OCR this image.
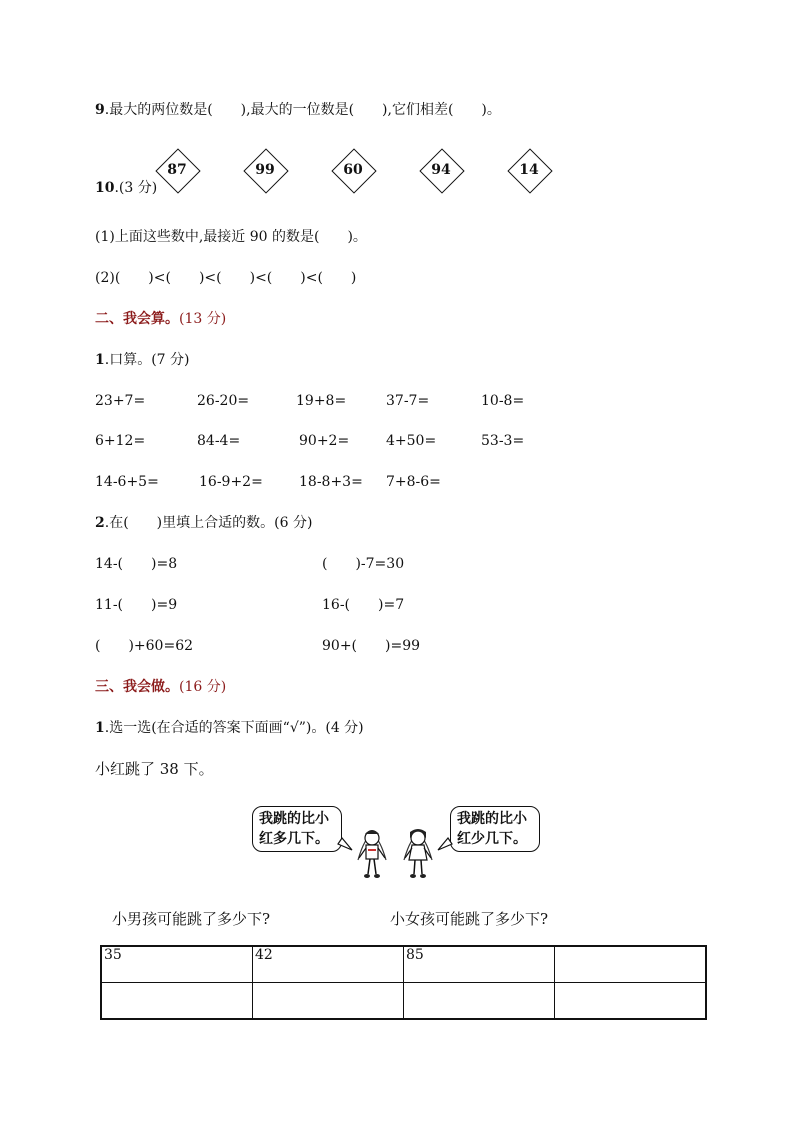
9.最大的两位数是(　　),最大的一位数是(　　),它们相差(　　)。
87	99	60	94	14
10.(3 分)
(1)上面这些数中,最接近 90 的数是(　　)。
(2)(　　)<(　　)<(　　)<(　　)<(　　)
二、我会算。(13 分)
1.口算。(7 分)
23+7=	26-20=	19+8=	37-7=	10-8=
6+12=	84-4=	90+2=	4+50=	53-3=
14-6+5=	16-9+2=	18-8+3= 7+8-6=
2.在(　　)里填上合适的数。(6 分)
14-(　　)=8	(　　)-7=30
11-(　　)=9	16-(　　)=7
(　　)+60=62	90+(　　)=99
三、我会做。(16 分)
1.选一选(在合适的答案下面画“√”)。(4 分)
小红跳了 38 下。
我跳的比小红多几下。
我跳的比小红少几下。
小男孩可能跳了多少下?	小女孩可能跳了多少下?
35	42	85	
